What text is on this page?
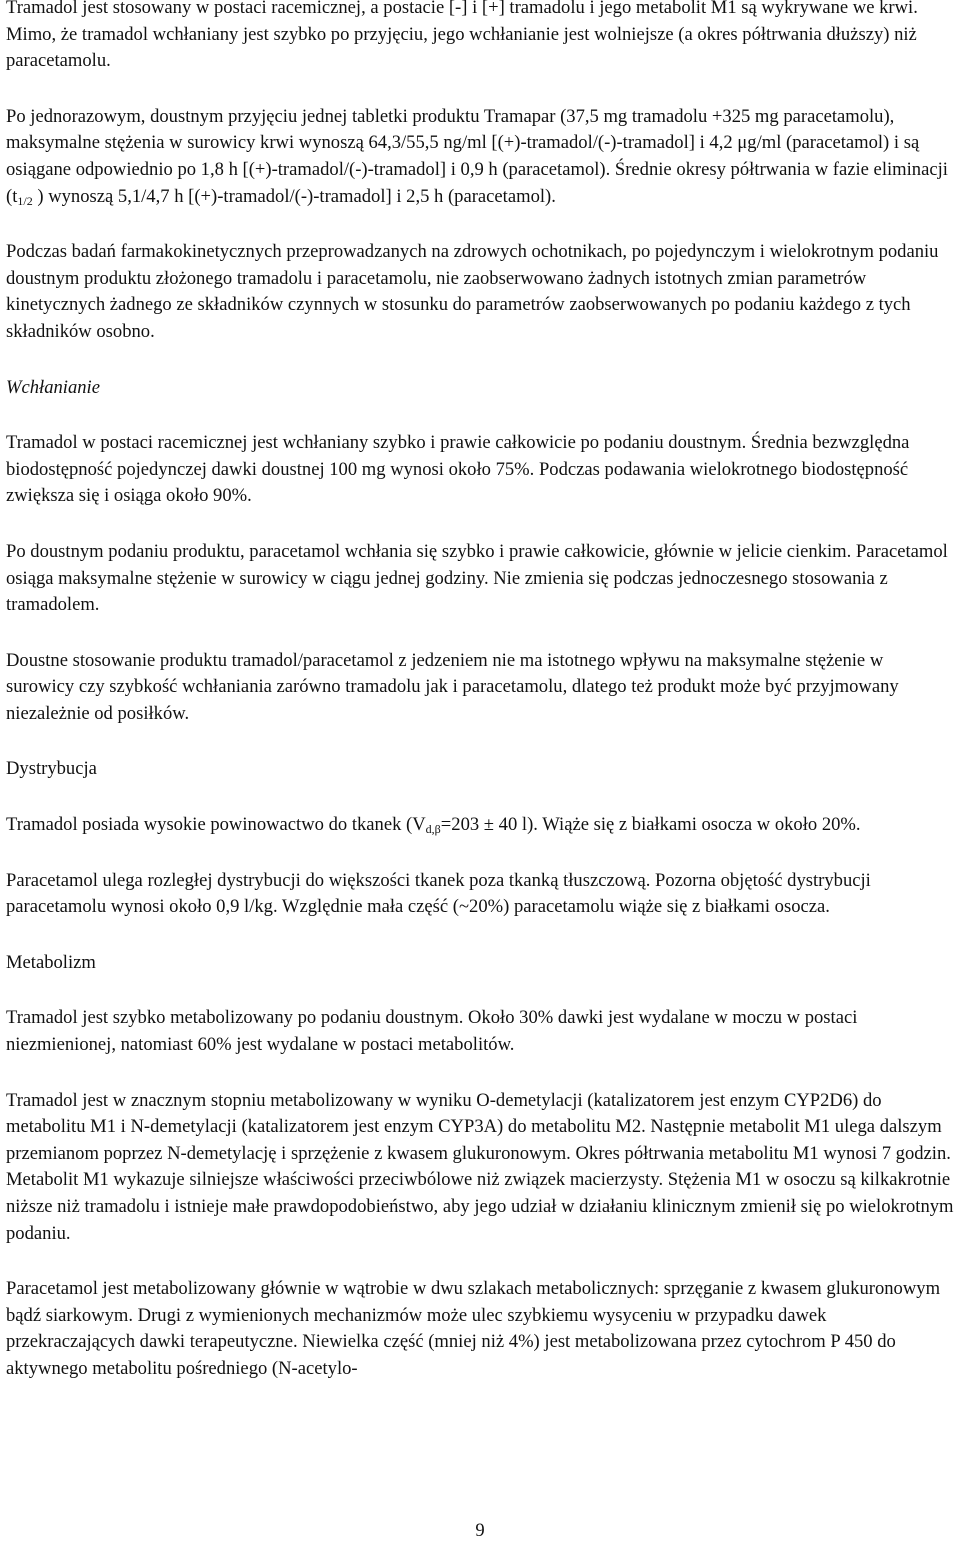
Tramadol jest stosowany w postaci racemicznej, a postacie [-] i [+] tramadolu i jego metabolit M1 są wykrywane we krwi. Mimo, że tramadol wchłaniany jest szybko po przyjęciu, jego wchłanianie jest wolniejsze (a okres półtrwania dłuższy) niż paracetamolu.

Po jednorazowym, doustnym przyjęciu jednej tabletki produktu Tramapar (37,5 mg tramadolu +325 mg paracetamolu), maksymalne stężenia w surowicy krwi wynoszą 64,3/55,5 ng/ml [(+)-tramadol/(-)-tramadol] i 4,2 μg/ml (paracetamol) i są osiągane odpowiednio po 1,8 h [(+)-tramadol/(-)-tramadol] i 0,9 h (paracetamol). Średnie okresy półtrwania w fazie eliminacji ($t_{1/2}$ ) wynoszą 5,1/4,7 h [(+)-tramadol/(-)-tramadol] i 2,5 h (paracetamol).

Podczas badań farmakokinetycznych przeprowadzanych na zdrowych ochotnikach, po pojedynczym i wielokrotnym podaniu doustnym produktu złożonego tramadolu i paracetamolu, nie zaobserwowano żadnych istotnych zmian parametrów kinetycznych żadnego ze składników czynnych w stosunku do parametrów zaobserwowanych po podaniu każdego z tych składników osobno.

Wchłanianie

Tramadol w postaci racemicznej jest wchłaniany szybko i prawie całkowicie po podaniu doustnym. Średnia bezwzględna biodostępność pojedynczej dawki doustnej 100 mg wynosi około 75%. Podczas podawania wielokrotnego biodostępność zwiększa się i osiąga około 90%.

Po doustnym podaniu produktu, paracetamol wchłania się szybko i prawie całkowicie, głównie w jelicie cienkim. Paracetamol osiąga maksymalne stężenie w surowicy w ciągu jednej godziny. Nie zmienia się podczas jednoczesnego stosowania z tramadolem.

Doustne stosowanie produktu tramadol/paracetamol z jedzeniem nie ma istotnego wpływu na maksymalne stężenie w surowicy czy szybkość wchłaniania zarówno tramadolu jak i paracetamolu, dlatego też produkt może być przyjmowany niezależnie od posiłków.

Dystrybucja

Tramadol posiada wysokie powinowactwo do tkanek ($V_{d,\beta}=203 \pm 40$ l). Wiąże się z białkami osocza w około 20%.

Paracetamol ulega rozległej dystrybucji do większości tkanek poza tkanką tłuszczową. Pozorna objętość dystrybucji paracetamolu wynosi około 0,9 l/kg. Względnie mała część (~20%) paracetamolu wiąże się z białkami osocza.

Metabolizm

Tramadol jest szybko metabolizowany po podaniu doustnym. Około 30% dawki jest wydalane w moczu w postaci niezmienionej, natomiast 60% jest wydalane w postaci metabolitów.

Tramadol jest w znacznym stopniu metabolizowany w wyniku O-demetylacji (katalizatorem jest enzym CYP2D6) do metabolitu M1 i N-demetylacji (katalizatorem jest enzym CYP3A) do metabolitu M2. Następnie metabolit M1 ulega dalszym przemianom poprzez N-demetylację i sprzężenie z kwasem glukuronowym. Okres półtrwania metabolitu M1 wynosi 7 godzin. Metabolit M1 wykazuje silniejsze właściwości przeciwbólowe niż związek macierzysty. Stężenia M1 w osoczu są kilkakrotnie niższe niż tramadolu i istnieje małe prawdopodobieństwo, aby jego udział w działaniu klinicznym zmienił się po wielokrotnym podaniu.

Paracetamol jest metabolizowany głównie w wątrobie w dwu szlakach metabolicznych: sprzęganie z kwasem glukuronowym bądź siarkowym. Drugi z wymienionych mechanizmów może ulec szybkiemu wysyceniu w przypadku dawek przekraczających dawki terapeutyczne. Niewielka część (mniej niż 4%) jest metabolizowana przez cytochrom P 450 do aktywnego metabolitu pośredniego (N-acetylo-

9
